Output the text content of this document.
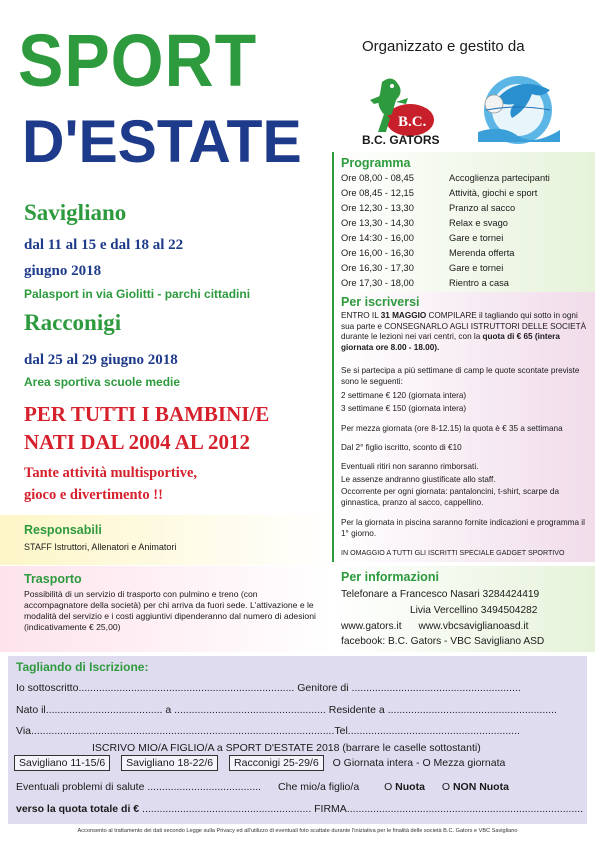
SPORT
D'ESTATE
Organizzato e gestito da
B.C.
B.C. GATORS
Savigliano
dal 11 al 15 e dal 18 al 22
giugno 2018
Palasport in via Giolitti - parchi cittadini
Racconigi
dal 25 al 29 giugno 2018
Area sportiva scuole medie
PER TUTTI I BAMBINI/E
NATI DAL 2004 AL 2012
Tante attività multisportive,
gioco e divertimento !!
Programma
Ore 08,00 - 08,45	Accoglienza partecipanti
Ore 08,45 - 12,15	Attività, giochi e sport
Ore 12,30 - 13,30	Pranzo al sacco
Ore 13,30 - 14,30	Relax e svago
Ore 14:30 - 16,00	Gare e tornei
Ore 16,00 - 16,30	Merenda offerta
Ore 16,30 - 17,30	Gare e tornei
Ore 17,30 - 18,00	Rientro a casa
Per iscriversi
ENTRO IL 31 MAGGIO COMPILARE il tagliando qui sotto in ogni sua parte e CONSEGNARLO AGLI ISTRUTTORI DELLE SOCIETÀ durante le lezioni nei vari centri, con la quota di € 65 (intera giornata ore 8.00 - 18.00).
Se si partecipa a più settimane di camp le quote scontate previste sono le seguenti:
2 settimane € 120 (giornata intera)
3 settimane € 150 (giornata intera)
Per mezza giornata (ore 8-12.15) la quota è € 35 a settimana
Dal 2° figlio iscritto, sconto di €10
Eventuali ritiri non saranno rimborsati.
Le assenze andranno giustificate allo staff.
Occorrente per ogni giornata: pantaloncini, t-shirt, scarpe da ginnastica, pranzo al sacco, cappellino.
Per la giornata in piscina saranno fornite indicazioni e programma il 1° giorno.
IN OMAGGIO A TUTTI GLI ISCRITTI SPECIALE GADGET SPORTIVO
Responsabili
STAFF Istruttori, Allenatori e Animatori
Trasporto
Possibilità di un servizio di trasporto con pulmino e treno (con accompagnatore della società) per chi arriva da fuori sede. L'attivazione e le modalità del servizio e i costi aggiuntivi dipenderanno dal numero di adesioni (indicativamente € 25,00)
Per informazioni
Telefonare a Francesco Nasari 3284424419
Livia Vercellino 3494504282
www.gators.it      www.vbcsaviglianoasd.it
facebook: B.C. Gators - VBC Savigliano ASD
Tagliando di Iscrizione:
Io sottoscritto.......................................................................... Genitore di ..........................................................
Nato il........................................ a .................................................... Residente a ..........................................................
Via........................................................................................................Tel...........................................................
ISCRIVO MIO/A FIGLIO/A a SPORT D'ESTATE 2018 (barrare le caselle sottostanti)
Savigliano 11-15/6 Savigliano 18-22/6 Racconigi 25-29/6 O Giornata intera - O Mezza giornata
Eventuali problemi di salute ....................................... Che mio/a figlio/a O Nuota O NON Nuota
verso la quota totale di € .......................................................... FIRMA.................................................................................
Acconsento al trattamento dei dati secondo Legge sulla Privacy ed all'utilizzo di eventuali foto scattate durante l'iniziativa per le finalità delle società B.C. Gators e VBC Savigliano
